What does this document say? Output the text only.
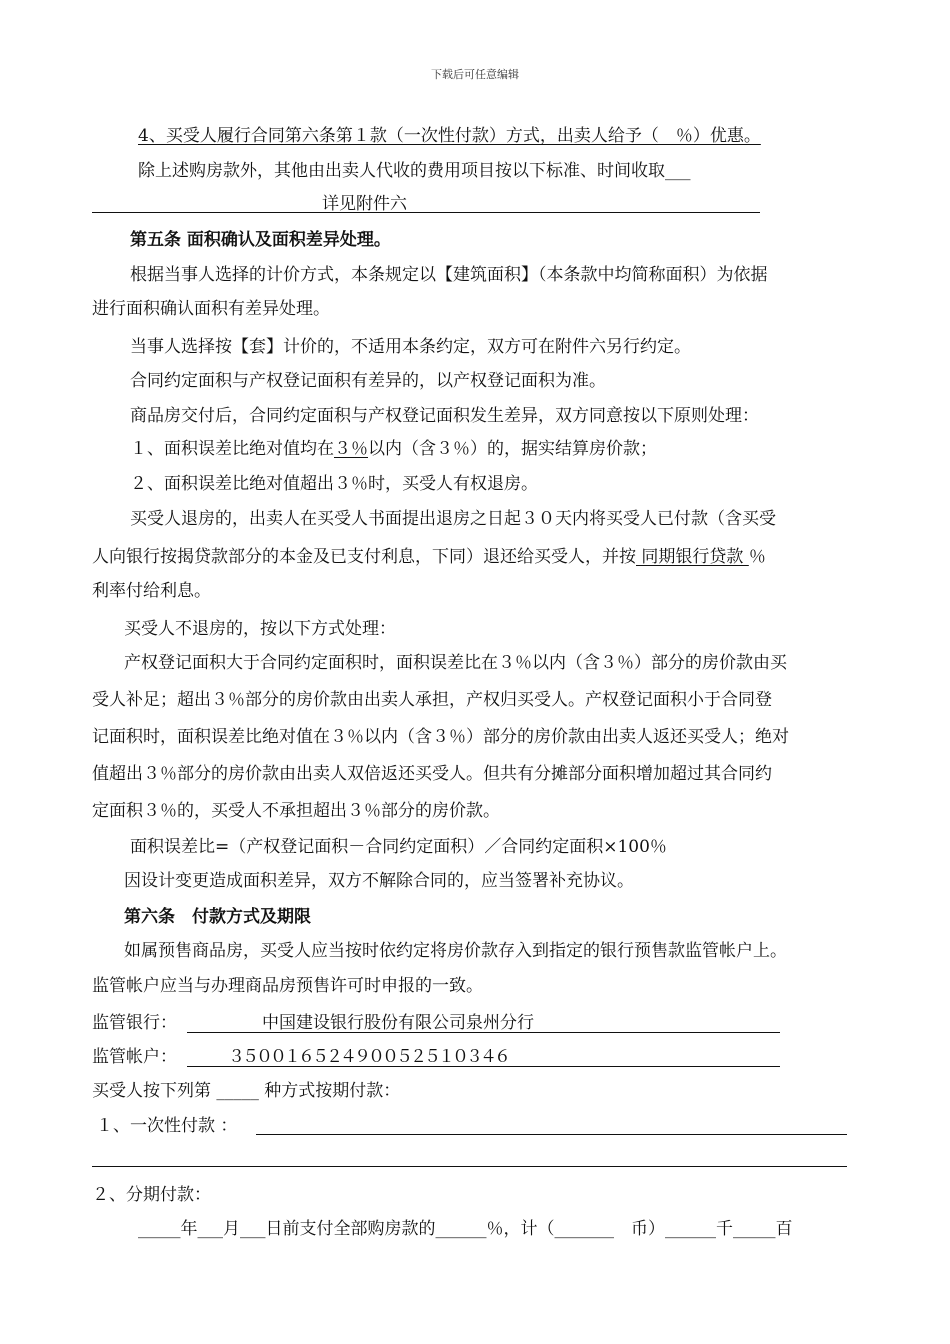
下载后可任意编辑
4、买受人履行合同第六条第１款（一次性付款）方式，出卖人给予（　％）优惠。
除上述购房款外，其他由出卖人代收的费用项目按以下标准、时间收取___
详见附件六
第五条 面积确认及面积差异处理。
根据当事人选择的计价方式，本条规定以【建筑面积】（本条款中均简称面积）为依据
进行面积确认面积有差异处理。
当事人选择按【套】计价的，不适用本条约定，双方可在附件六另行约定。
合同约定面积与产权登记面积有差异的，以产权登记面积为准。
商品房交付后，合同约定面积与产权登记面积发生差异，双方同意按以下原则处理：
１、面积误差比绝对值均在３％以内（含３％）的，据实结算房价款；
２、面积误差比绝对值超出３％时，买受人有权退房。
买受人退房的，出卖人在买受人书面提出退房之日起３０天内将买受人已付款（含买受
人向银行按揭贷款部分的本金及已支付利息，下同）退还给买受人，并按 同期银行贷款 ％
利率付给利息。
买受人不退房的，按以下方式处理：
产权登记面积大于合同约定面积时，面积误差比在３％以内（含３％）部分的房价款由买
受人补足；超出３％部分的房价款由出卖人承担，产权归买受人。产权登记面积小于合同登
记面积时，面积误差比绝对值在３％以内（含３％）部分的房价款由出卖人返还买受人；绝对
值超出３％部分的房价款由出卖人双倍返还买受人。但共有分摊部分面积增加超过其合同约
定面积３％的，买受人不承担超出３％部分的房价款。
面积误差比=（产权登记面积－合同约定面积）／合同约定面积×100％
因设计变更造成面积差异，双方不解除合同的，应当签署补充协议。
第六条　付款方式及期限
如属预售商品房，买受人应当按时依约定将房价款存入到指定的银行预售款监管帐户上。
监管帐户应当与办理商品房预售许可时申报的一致。
监管银行：	中国建设银行股份有限公司泉州分行
监管帐户：	３５００１６５２４９００５２５１０３４６
买受人按下列第 _____ 种方式按期付款：
１、一次性付款 ：
２、分期付款：
_____年___月___日前支付全部购房款的______％，计（_______　币）______千_____百
